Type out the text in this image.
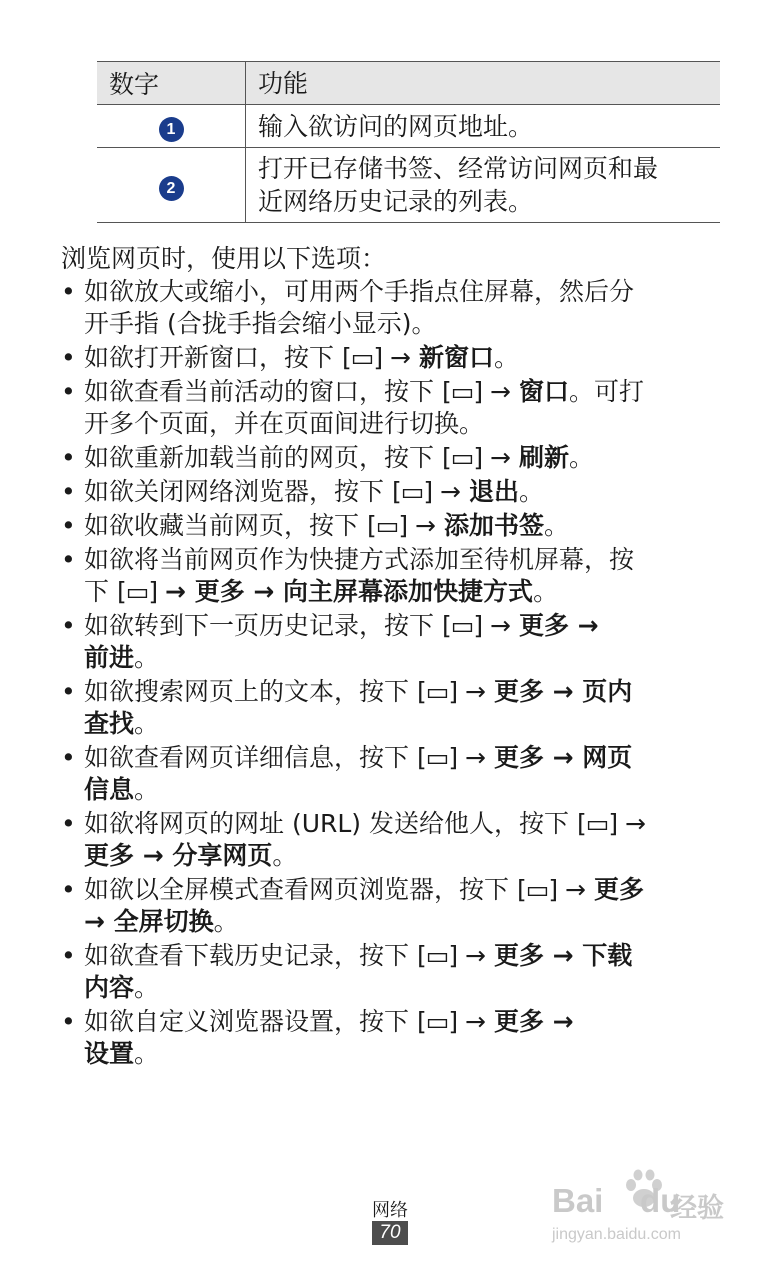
数字	功能
1	输入欲访问的网页地址。
2	打开已存储书签、经常访问网页和最
近网络历史记录的列表。
浏览网页时，使用以下选项：
• 如欲放大或缩小，可用两个手指点住屏幕，然后分
开手指 (合拢手指会缩小显示)。
• 如欲打开新窗口，按下 [▭] → 新窗口。
• 如欲查看当前活动的窗口，按下 [▭] → 窗口。可打
开多个页面，并在页面间进行切换。
• 如欲重新加载当前的网页，按下 [▭] → 刷新。
• 如欲关闭网络浏览器，按下 [▭] → 退出。
• 如欲收藏当前网页，按下 [▭] → 添加书签。
• 如欲将当前网页作为快捷方式添加至待机屏幕，按
下 [▭] → 更多 → 向主屏幕添加快捷方式。
• 如欲转到下一页历史记录，按下 [▭] → 更多 →
前进。
• 如欲搜索网页上的文本，按下 [▭] → 更多 → 页内
查找。
• 如欲查看网页详细信息，按下 [▭] → 更多 → 网页
信息。
• 如欲将网页的网址 (URL) 发送给他人，按下 [▭] →
更多 → 分享网页。
• 如欲以全屏模式查看网页浏览器，按下 [▭] → 更多
→ 全屏切换。
• 如欲查看下载历史记录，按下 [▭] → 更多 → 下载
内容。
• 如欲自定义浏览器设置，按下 [▭] → 更多 →
设置。
网络
70
Bai du
经验
jingyan.baidu.com
